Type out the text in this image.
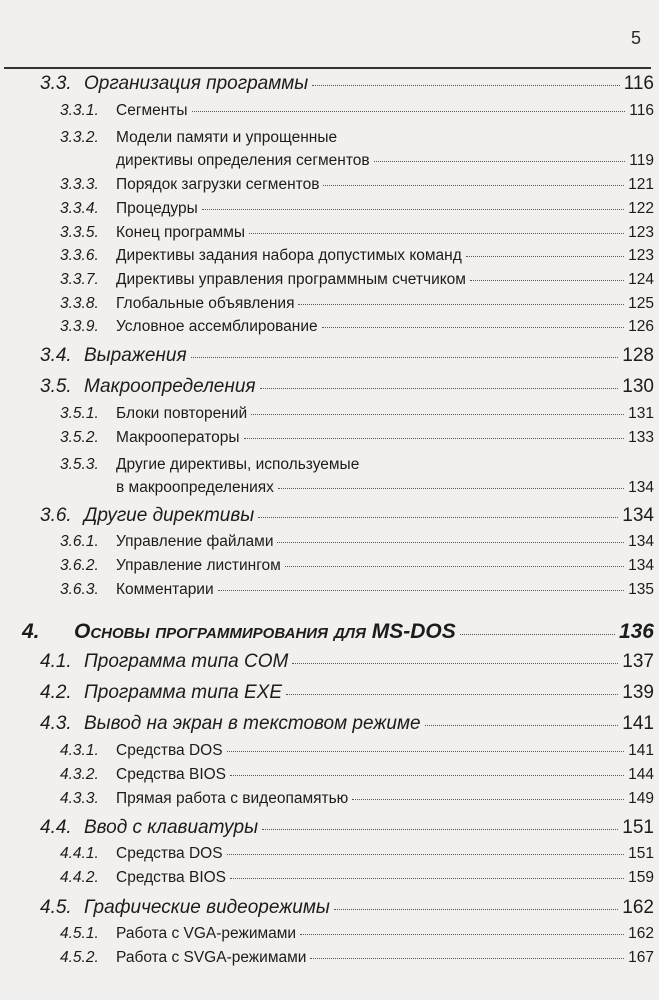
5
3.3. Организация программы	116
3.3.1. Сегменты	116
3.3.2. Модели памяти и упрощенные
директивы определения сегментов	119
3.3.3. Порядок загрузки сегментов	121
3.3.4. Процедуры	122
3.3.5. Конец программы	123
3.3.6. Директивы задания набора допустимых команд	123
3.3.7. Директивы управления программным счетчиком	124
3.3.8. Глобальные объявления	125
3.3.9. Условное ассемблирование	126
3.4. Выражения	128
3.5. Макроопределения	130
3.5.1. Блоки повторений	131
3.5.2. Макрооператоры	133
3.5.3. Другие директивы, используемые
в макроопределениях	134
3.6. Другие директивы	134
3.6.1. Управление файлами	134
3.6.2. Управление листингом	134
3.6.3. Комментарии	135
4. Основы программирования для MS-DOS	136
4.1. Программа типа COM	137
4.2. Программа типа EXE	139
4.3. Вывод на экран в текстовом режиме	141
4.3.1. Средства DOS	141
4.3.2. Средства BIOS	144
4.3.3. Прямая работа с видеопамятью	149
4.4. Ввод с клавиатуры	151
4.4.1. Средства DOS	151
4.4.2. Средства BIOS	159
4.5. Графические видеорежимы	162
4.5.1. Работа с VGA-режимами	162
4.5.2. Работа с SVGA-режимами	167
